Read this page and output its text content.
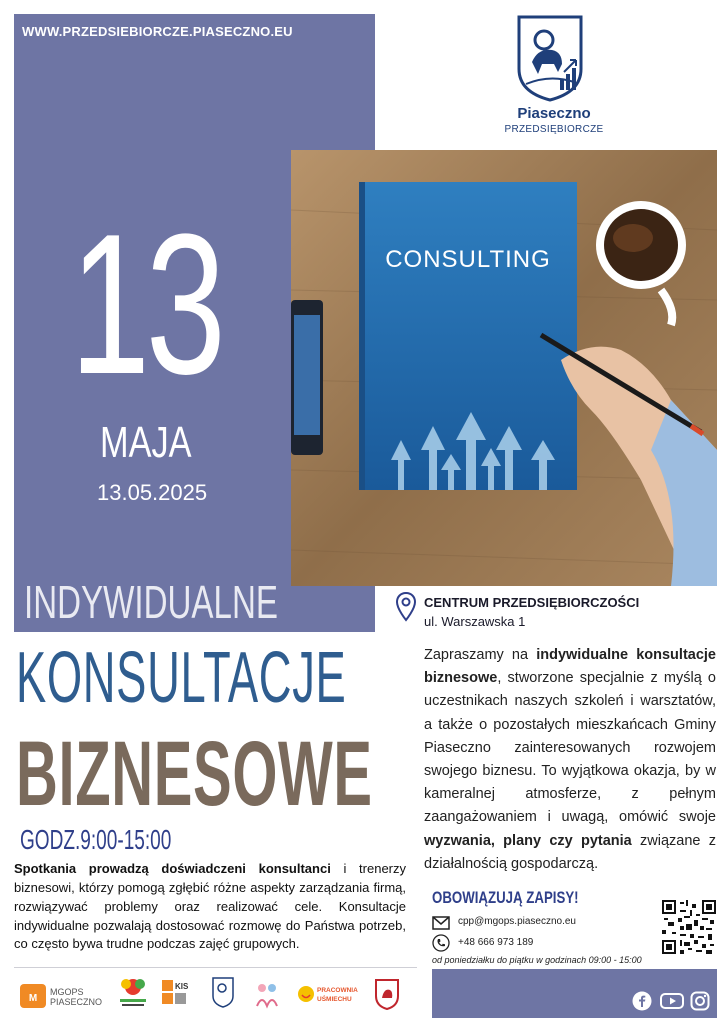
WWW.PRZEDSIEBIORCZE.PIASECZNO.EU
13
MAJA
13.05.2025
INDYWIDUALNE
Piaseczno
PRZEDSIĘBIORCZE
CONSULTING
CENTRUM PRZEDSIĘBIORCZOŚCI
ul. Warszawska 1
KONSULTACJE
BIZNESOWE
GODZ.9:00-15:00
Spotkania prowadzą doświadczeni konsultanci i trenerzy biznesowi, którzy pomogą zgłębić różne aspekty zarządzania firmą, rozwiązywać problemy oraz realizować cele. Konsultacje indywidualne pozwalają dostosować rozmowę do Państwa potrzeb, co często bywa trudne podczas zajęć grupowych.
Zapraszamy na indywidualne konsultacje biznesowe, stworzone specjalnie z myślą o uczestnikach naszych szkoleń i warsztatów, a także o pozostałych mieszkańcach Gminy Piaseczno zainteresowanych rozwojem swojego biznesu. To wyjątkowa okazja, by w kameralnej atmosferze, z pełnym zaangażowaniem i uwagą, omówić swoje wyzwania, plany czy pytania związane z działalnością gospodarczą.
OBOWIĄZUJĄ ZAPISY!
cpp@mgops.piaseczno.eu
+48 666 973 189
od poniedziałku do piątku w godzinach 09:00 - 15:00
M
MGOPS
PIASECZNO
KIS	PRACOWNIA
UŚMIECHU
